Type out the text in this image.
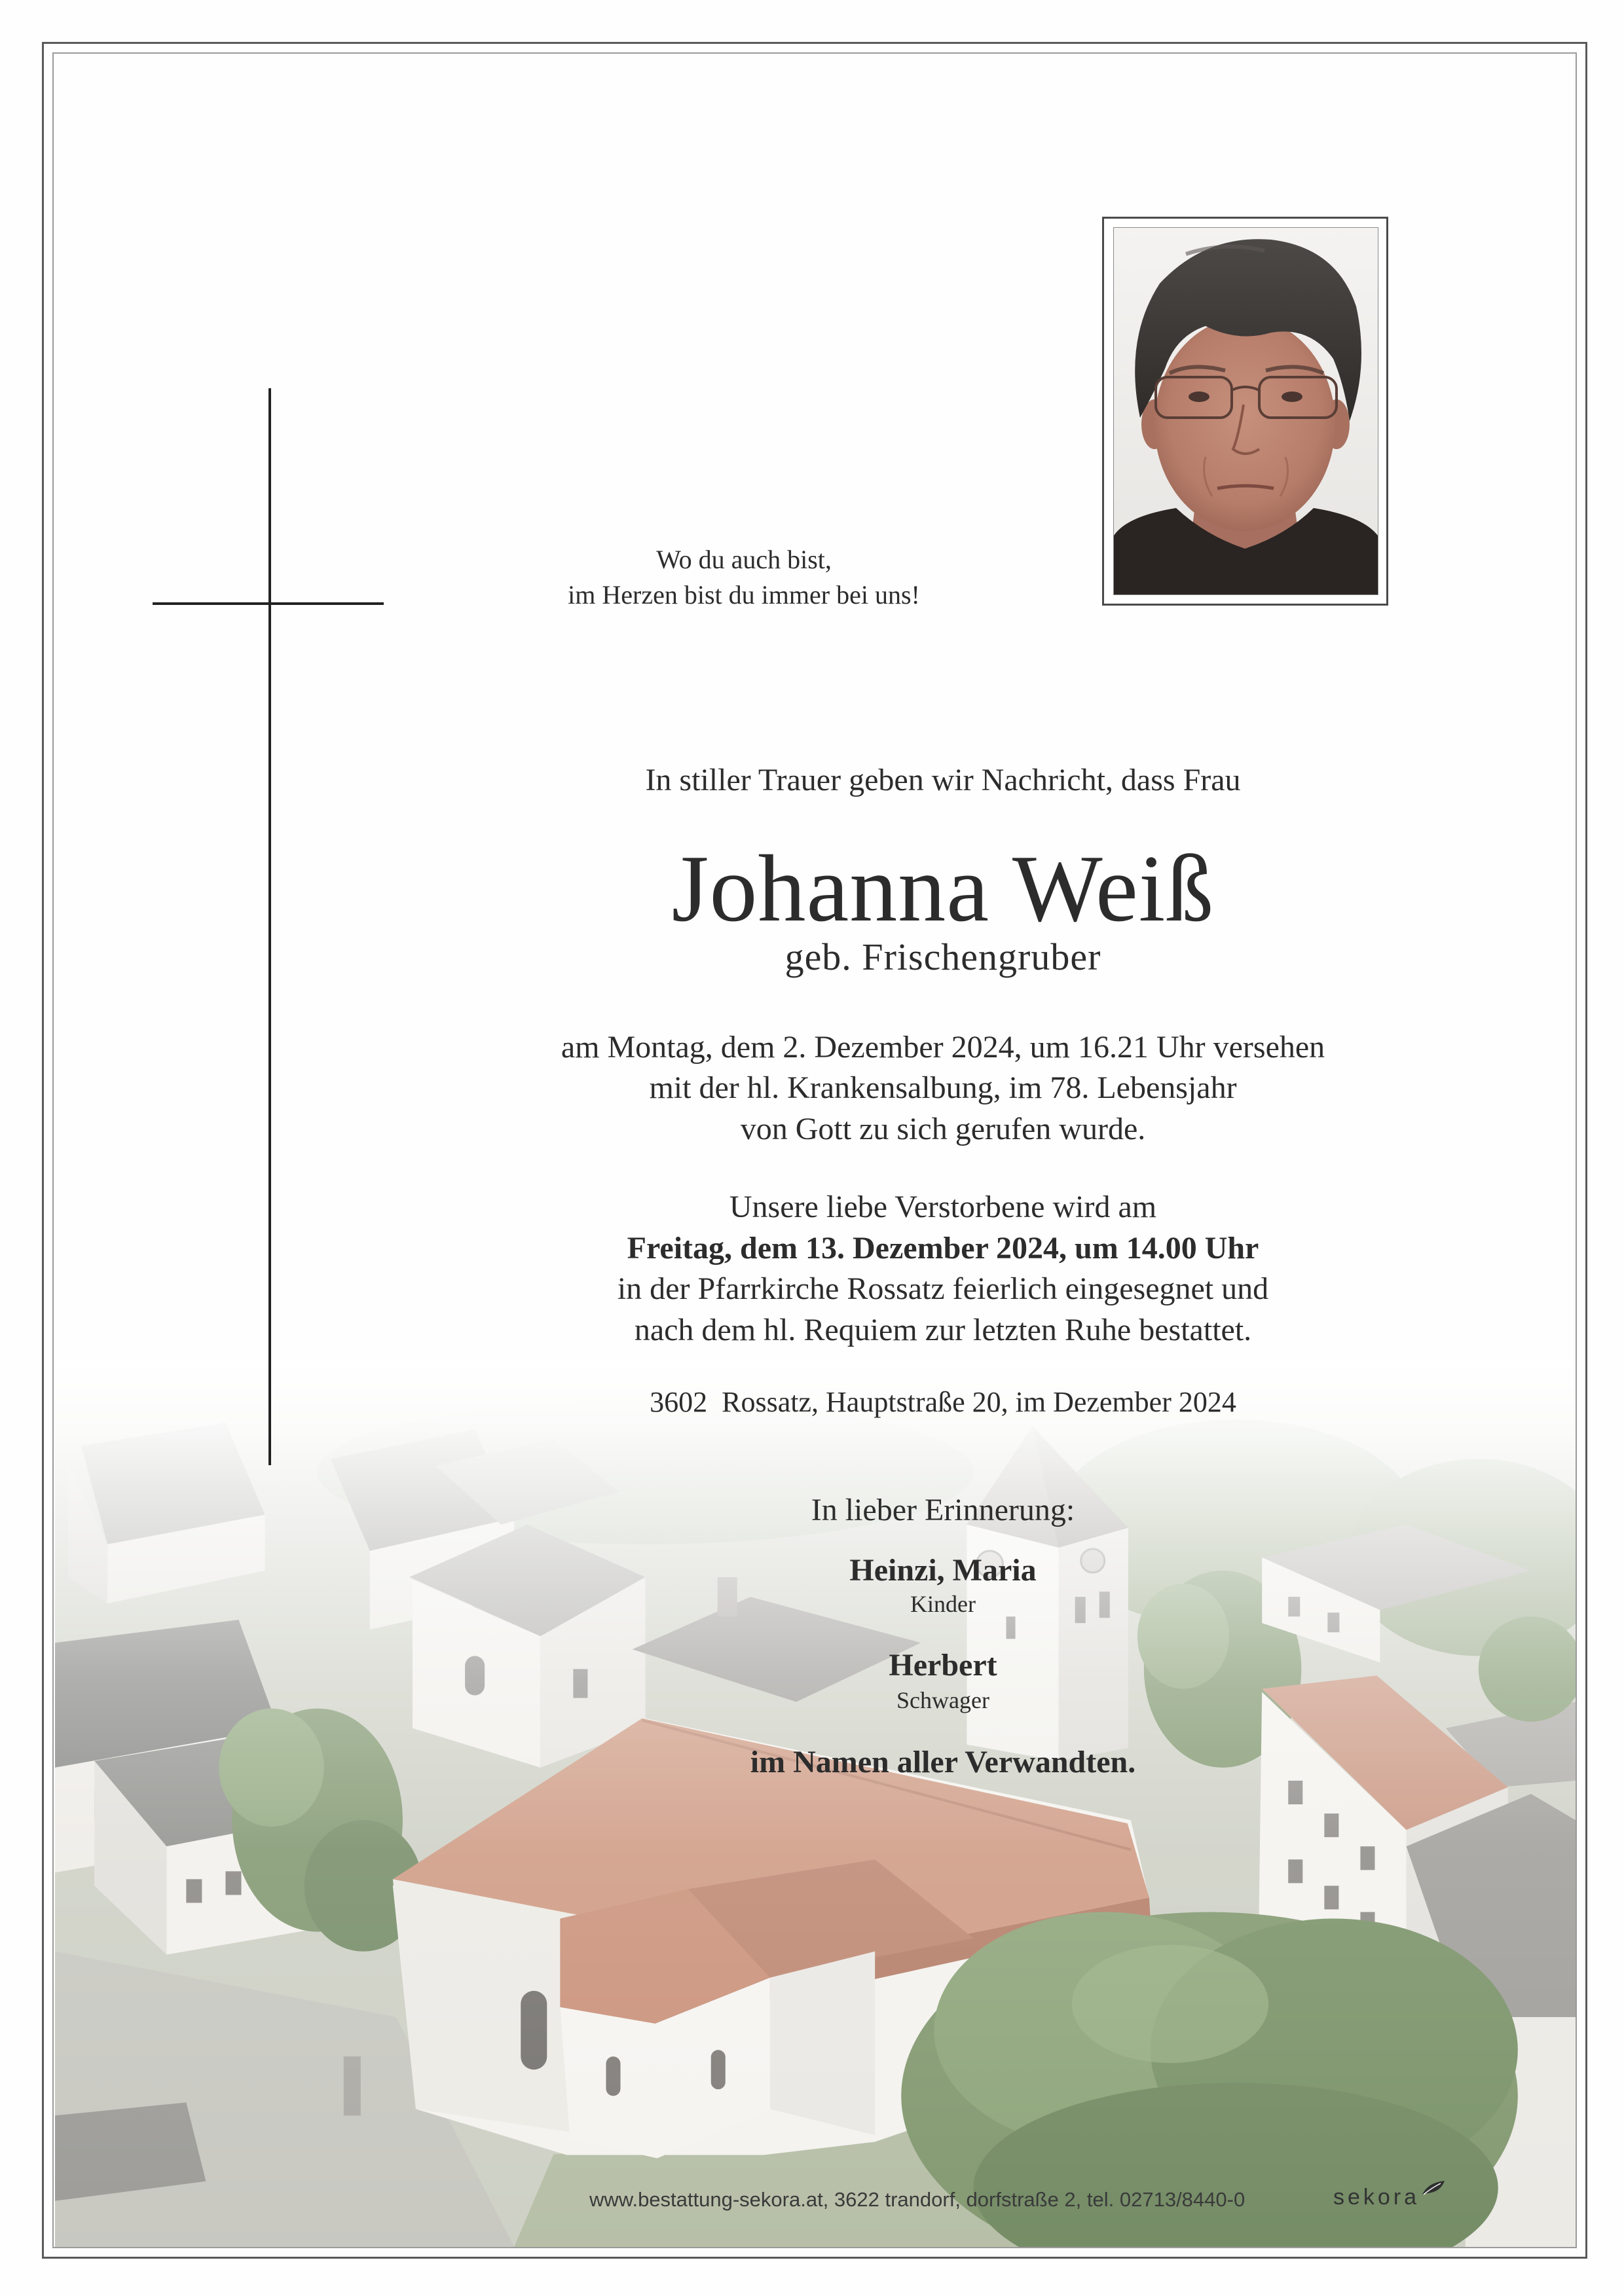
Wo du auch bist,
im Herzen bist du immer bei uns!
In stiller Trauer geben wir Nachricht, dass Frau
Johanna Weiß
geb. Frischengruber
am Montag, dem 2. Dezember 2024, um 16.21 Uhr versehen
mit der hl. Krankensalbung, im 78. Lebensjahr
von Gott zu sich gerufen wurde.
Unsere liebe Verstorbene wird am
Freitag, dem 13. Dezember 2024, um 14.00 Uhr
in der Pfarrkirche Rossatz feierlich eingesegnet und
nach dem hl. Requiem zur letzten Ruhe bestattet.
3602  Rossatz, Hauptstraße 20, im Dezember 2024
In lieber Erinnerung:
Heinzi, Maria
Kinder
Herbert
Schwager
im Namen aller Verwandten.
www.bestattung-sekora.at, 3622 trandorf, dorfstraße 2, tel. 02713/8440-0	sekora
